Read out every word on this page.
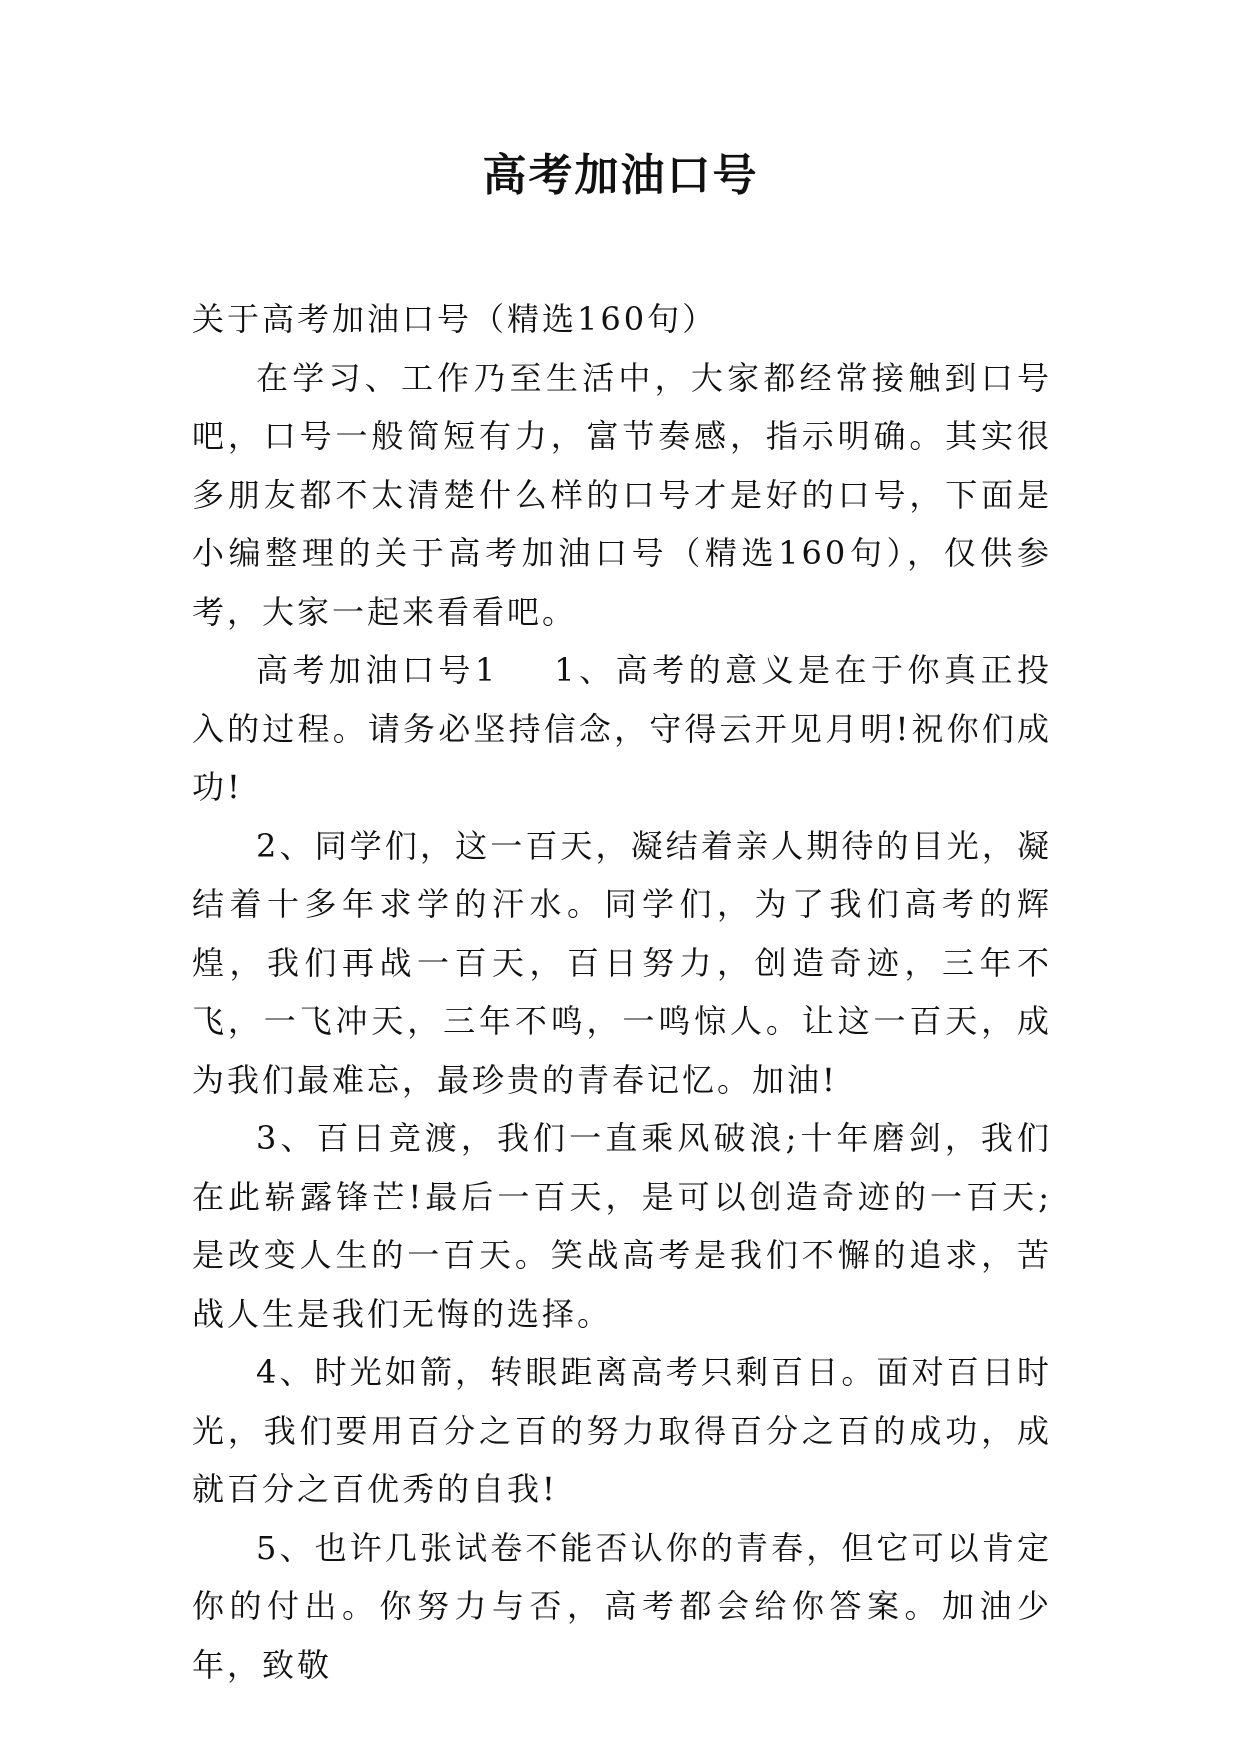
高考加油口号

关于高考加油口号（精选160句）

在学习、工作乃至生活中，大家都经常接触到口号吧，口号一般简短有力，富节奏感，指示明确。其实很多朋友都不太清楚什么样的口号才是好的口号，下面是小编整理的关于高考加油口号（精选160句），仅供参考，大家一起来看看吧。

高考加油口号1 1、高考的意义是在于你真正投入的过程。请务必坚持信念，守得云开见月明!祝你们成功!

2、同学们，这一百天，凝结着亲人期待的目光，凝结着十多年求学的汗水。同学们，为了我们高考的辉煌，我们再战一百天，百日努力，创造奇迹，三年不飞，一飞冲天，三年不鸣，一鸣惊人。让这一百天，成为我们最难忘，最珍贵的青春记忆。加油!

3、百日竞渡，我们一直乘风破浪;十年磨剑，我们在此崭露锋芒!最后一百天，是可以创造奇迹的一百天;是改变人生的一百天。笑战高考是我们不懈的追求，苦战人生是我们无悔的选择。

4、时光如箭，转眼距离高考只剩百日。面对百日时光，我们要用百分之百的努力取得百分之百的成功，成就百分之百优秀的自我!

5、也许几张试卷不能否认你的青春，但它可以肯定你的付出。你努力与否，高考都会给你答案。加油少年，致敬
